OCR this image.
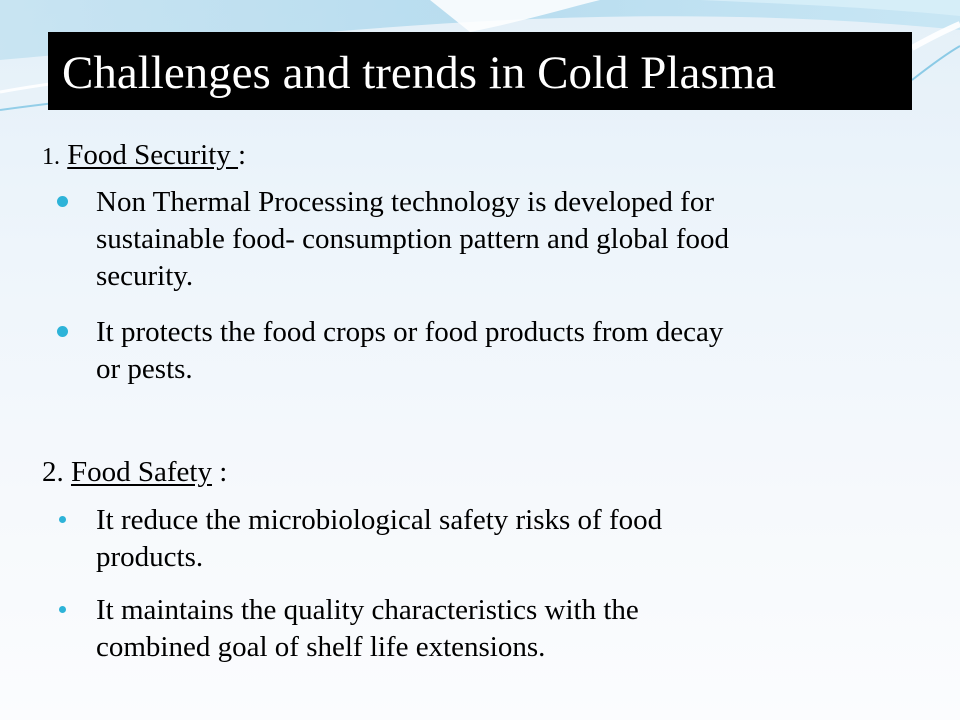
Challenges and trends in Cold Plasma
1. Food Security :
Non Thermal Processing technology is developed for
sustainable food- consumption pattern and global food
security.
It protects the food crops or food products from decay
or pests.
2. Food Safety :
It reduce the microbiological safety risks of food
products.
It maintains the quality characteristics with the
combined goal of shelf life extensions.
